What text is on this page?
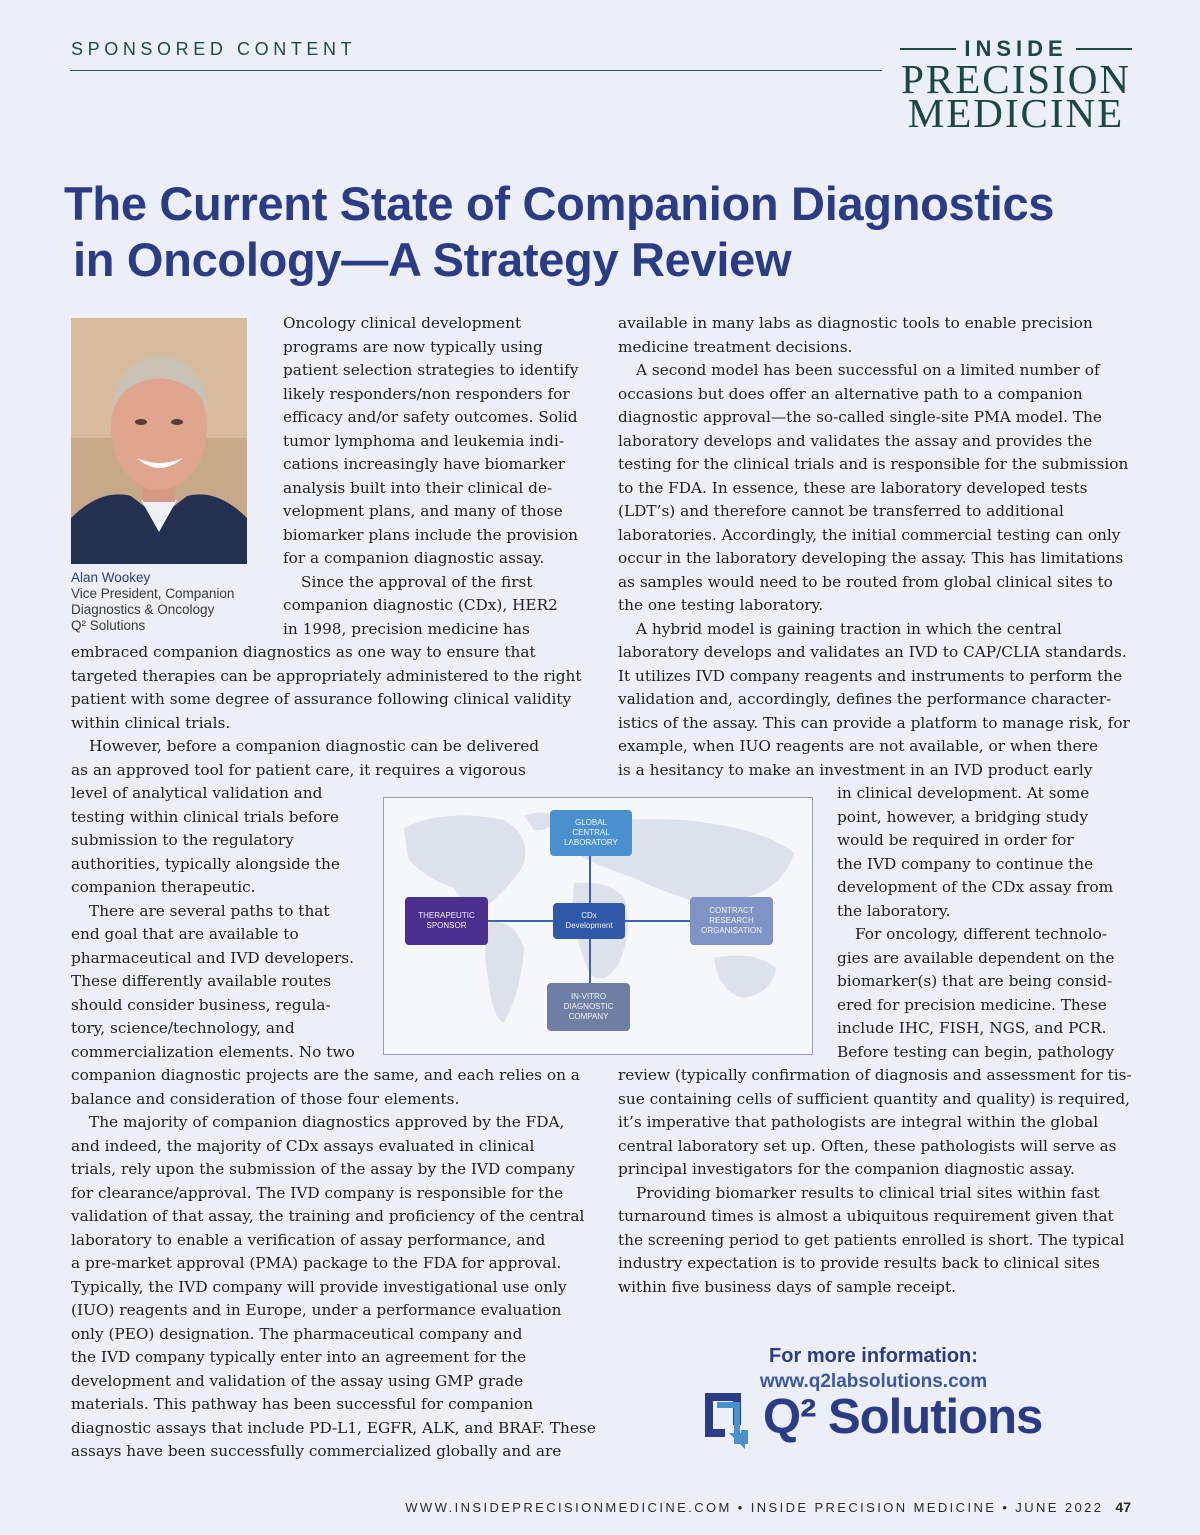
SPONSORED CONTENT	INSIDE
PRECISION
MEDICINE
The Current State of Companion Diagnostics
in Oncology—A Strategy Review
Alan Wookey
Vice President, Companion
Diagnostics & Oncology
Q² Solutions

Oncology clinical development
programs are now typically using
patient selection strategies to identify
likely responders/non responders for
efficacy and/or safety outcomes. Solid
tumor lymphoma and leukemia indi-
cations increasingly have biomarker
analysis built into their clinical de-
velopment plans, and many of those
biomarker plans include the provision
for a companion diagnostic assay.
Since the approval of the first
companion diagnostic (CDx), HER2
in 1998, precision medicine has

embraced companion diagnostics as one way to ensure that
targeted therapies can be appropriately administered to the right
patient with some degree of assurance following clinical validity
within clinical trials.
However, before a companion diagnostic can be delivered
as an approved tool for patient care, it requires a vigorous

level of analytical validation and
testing within clinical trials before
submission to the regulatory
authorities, typically alongside the
companion therapeutic.
There are several paths to that
end goal that are available to
pharmaceutical and IVD developers.
These differently available routes
should consider business, regula-
tory, science/technology, and
commercialization elements. No two

companion diagnostic projects are the same, and each relies on a
balance and consideration of those four elements.
The majority of companion diagnostics approved by the FDA,
and indeed, the majority of CDx assays evaluated in clinical
trials, rely upon the submission of the assay by the IVD company
for clearance/approval. The IVD company is responsible for the
validation of that assay, the training and proficiency of the central
laboratory to enable a verification of assay performance, and
a pre-market approval (PMA) package to the FDA for approval.
Typically, the IVD company will provide investigational use only
(IUO) reagents and in Europe, under a performance evaluation
only (PEO) designation. The pharmaceutical company and
the IVD company typically enter into an agreement for the
development and validation of the assay using GMP grade
materials. This pathway has been successful for companion
diagnostic assays that include PD-L1, EGFR, ALK, and BRAF. These
assays have been successfully commercialized globally and are

available in many labs as diagnostic tools to enable precision
medicine treatment decisions.
A second model has been successful on a limited number of
occasions but does offer an alternative path to a companion
diagnostic approval—the so-called single-site PMA model. The
laboratory develops and validates the assay and provides the
testing for the clinical trials and is responsible for the submission
to the FDA. In essence, these are laboratory developed tests
(LDT’s) and therefore cannot be transferred to additional
laboratories. Accordingly, the initial commercial testing can only
occur in the laboratory developing the assay. This has limitations
as samples would need to be routed from global clinical sites to
the one testing laboratory.
A hybrid model is gaining traction in which the central
laboratory develops and validates an IVD to CAP/CLIA standards.
It utilizes IVD company reagents and instruments to perform the
validation and, accordingly, defines the performance character-
istics of the assay. This can provide a platform to manage risk, for
example, when IUO reagents are not available, or when there
is a hesitancy to make an investment in an IVD product early

in clinical development. At some
point, however, a bridging study
would be required in order for
the IVD company to continue the
development of the CDx assay from
the laboratory.
For oncology, different technolo-
gies are available dependent on the
biomarker(s) that are being consid-
ered for precision medicine. These
include IHC, FISH, NGS, and PCR.
Before testing can begin, pathology

review (typically confirmation of diagnosis and assessment for tis-
sue containing cells of sufficient quantity and quality) is required,
it’s imperative that pathologists are integral within the global
central laboratory set up. Often, these pathologists will serve as
principal investigators for the companion diagnostic assay.
Providing biomarker results to clinical trial sites within fast
turnaround times is almost a ubiquitous requirement given that
the screening period to get patients enrolled is short. The typical
industry expectation is to provide results back to clinical sites
within five business days of sample receipt.

GLOBAL
CENTRAL
LABORATORY
THERAPEUTIC
SPONSOR
CDx
Development
CONTRACT
RESEARCH
ORGANISATION
IN-VITRO
DIAGNOSTIC
COMPANY
For more information:
www.q2labsolutions.com
Q² Solutions
WWW.INSIDEPRECISIONMEDICINE.COM • INSIDE PRECISION MEDICINE • JUNE 2022 47
